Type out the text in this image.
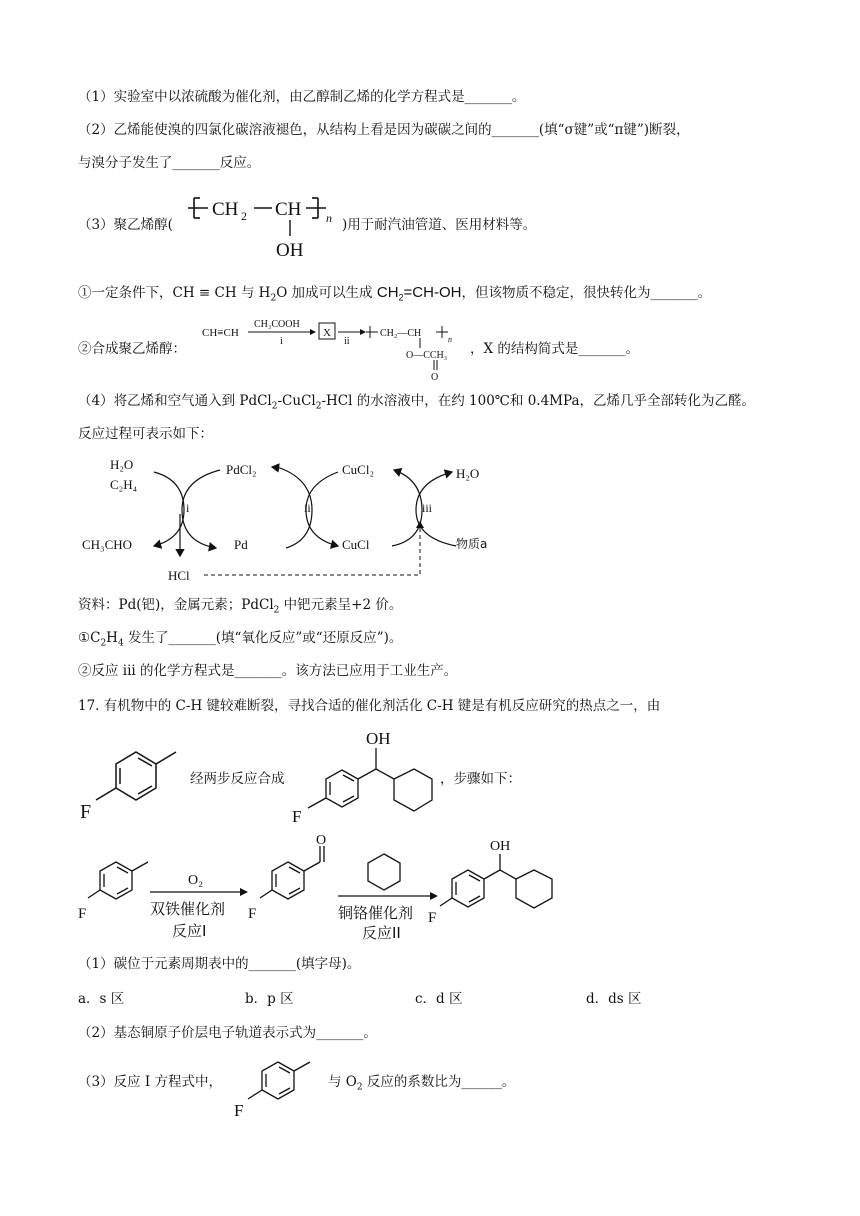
（1）实验室中以浓硫酸为催化剂，由乙醇制乙烯的化学方程式是_______。
（2）乙烯能使溴的四氯化碳溶液褪色，从结构上看是因为碳碳之间的_______(填“σ键”或“π键”)断裂，
与溴分子发生了_______反应。
（3）聚乙烯醇(
CH 2 CH n
OH
)用于耐汽油管道、医用材料等。
①一定条件下，CH ≡ CH 与 $H_2O$ 加成可以生成 $CH_2=CH-OH$，但该物质不稳定，很快转化为_______。
②合成聚乙烯醇：
CH≡CH
CH₃COOH
i
X
ii
CH₂—CH
n
O—CCH₃
O
，X 的结构简式是_______。
（4）将乙烯和空气通入到 PdCl$_2$-CuCl$_2$-HCl 的水溶液中，在约 100℃和 0.4MPa，乙烯几乎全部转化为乙醛。
反应过程可表示如下：
H₂O
C₂H₄
CH₃CHO
HCl
i
PdCl₂
Pd
ii
CuCl₂
CuCl
iii
H₂O
物质a
资料：Pd(钯)，金属元素；PdCl$_2$ 中钯元素呈+2 价。
$①C_2H_4$ 发生了_______(填“氧化反应”或“还原反应”)。
②反应 iii 的化学方程式是_______。该方法已应用于工业生产。
17. 有机物中的 C-H 键较难断裂，寻找合适的催化剂活化 C-H 键是有机反应研究的热点之一，由
F
经两步反应合成
OH
F
，步骤如下：
F
O₂
双铁催化剂
反应I
O
F	铜铬催化剂
反应II
OH
F
（1）碳位于元素周期表中的_______(填字母)。
a．s 区	b．p 区	c．d 区	d．ds 区
（2）基态铜原子价层电子轨道表示式为_______。
（3）反应 I 方程式中，
F
与 $O_2$ 反应的系数比为______。
